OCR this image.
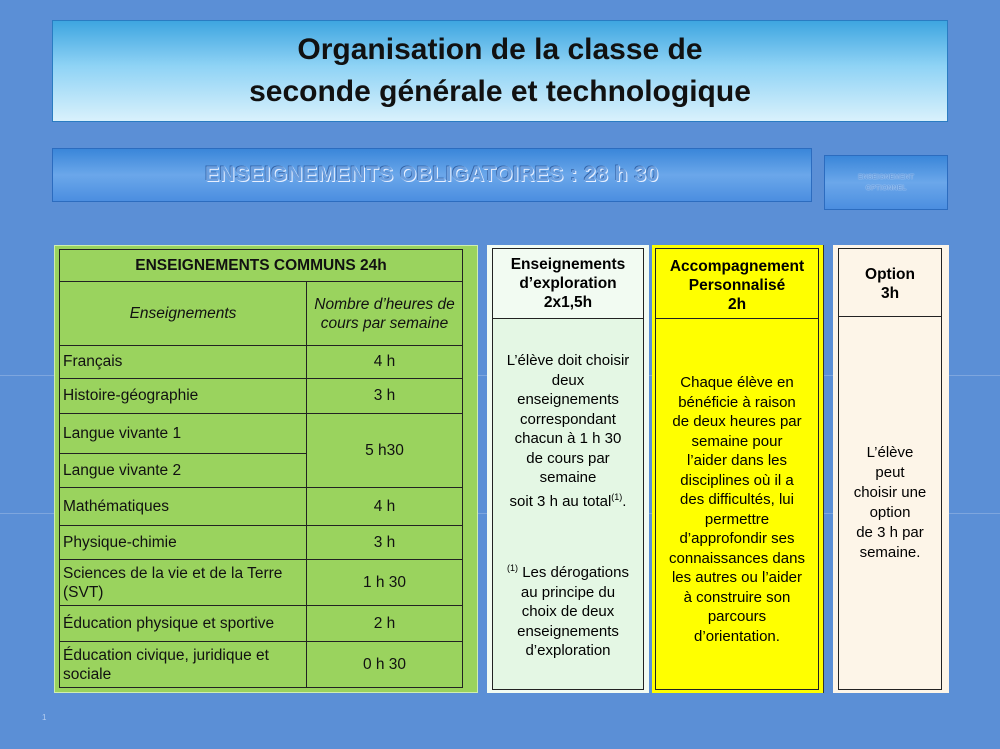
Organisation de la classe de
seconde générale et technologique
ENSEIGNEMENTS OBLIGATOIRES : 28 h 30	ENSEIGNEMENT
OPTIONNEL
ENSEIGNEMENTS COMMUNS 24h	
Enseignements	Nombre d’heures de cours par semaine
Français	4 h
Histoire-géographie	3 h
Langue vivante 1	5 h30
Langue vivante 2	
Mathématiques	4 h
Physique-chimie	3 h
Sciences de la vie et de la Terre (SVT)	1 h 30
Éducation physique et sportive	2 h
Éducation civique, juridique et sociale	0 h 30
Enseignements
d’exploration
2x1,5h
L’élève doit choisir
deux
enseignements
correspondant
chacun à 1 h 30
de cours par
semaine
soit 3 h au total$^{(1)}$.
$^{(1)}$ Les dérogations
au principe du
choix de deux
enseignements
d’exploration
Accompagnement
Personnalisé
2h
Chaque élève en
bénéficie à raison
de deux heures par
semaine pour
l’aider dans les
disciplines où il a
des difficultés, lui
permettre
d’approfondir ses
connaissances dans
les autres ou l’aider
à construire son
parcours
d’orientation.
Option
3h
L’élève
peut
choisir une
option
de 3 h par
semaine.
1
